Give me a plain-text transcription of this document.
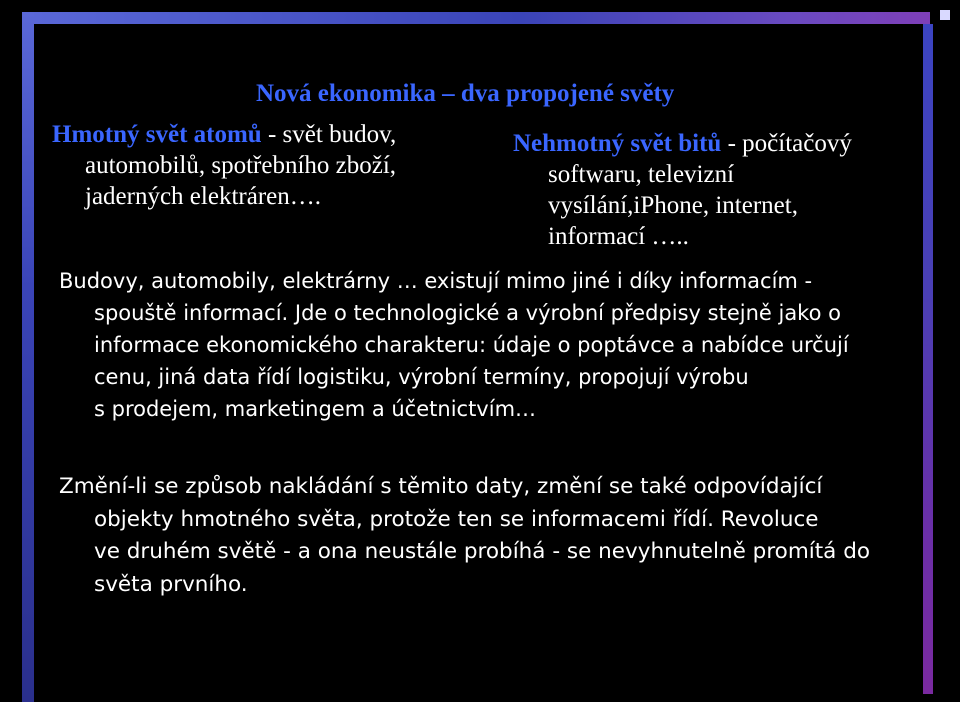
Nová ekonomika – dva propojené světy
Hmotný svět atomů - svět budov,
automobilů, spotřebního zboží,
jaderných elektráren….
Nehmotný svět bitů - počítačový
softwaru, televizní
vysílání,iPhone, internet,
informací …..
Budovy, automobily, elektrárny … existují mimo jiné i díky informacím -
spouště informací. Jde o technologické a výrobní předpisy stejně jako o
informace ekonomického charakteru: údaje o poptávce a nabídce určují
cenu, jiná data řídí logistiku, výrobní termíny, propojují výrobu
s prodejem, marketingem a účetnictvím…
Změní-li se způsob nakládání s těmito daty, změní se také odpovídající
objekty hmotného světa, protože ten se informacemi řídí. Revoluce
ve druhém světě - a ona neustále probíhá - se nevyhnutelně promítá do
světa prvního.
